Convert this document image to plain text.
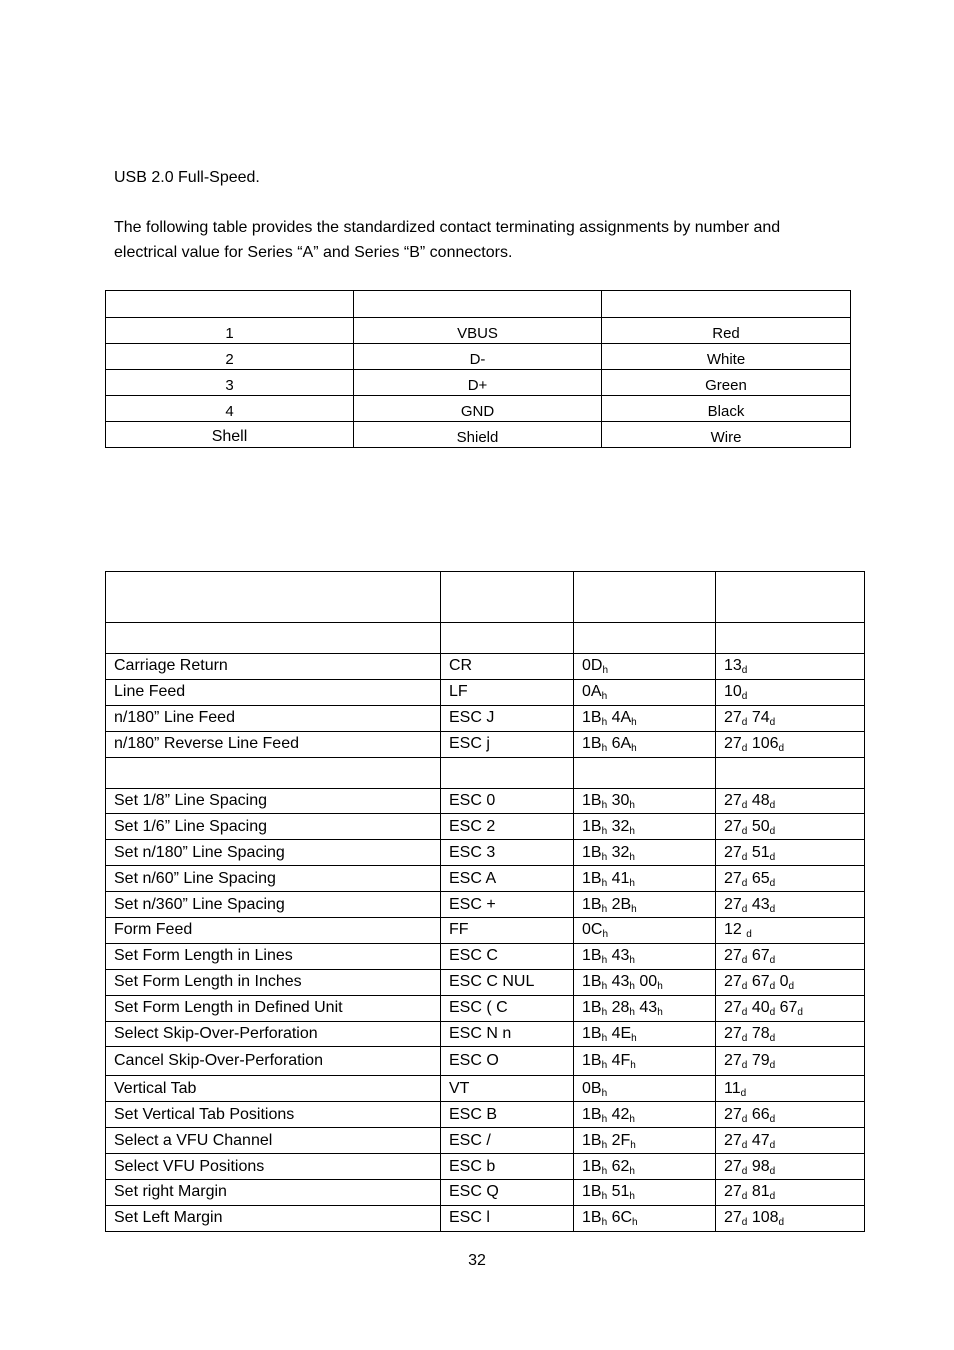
USB 2.0 Full-Speed.

The following table provides the standardized contact terminating assignments by number and electrical value for Series “A” and Series “B” connectors.

1	VBUS	Red
2	D-	White
3	D+	Green
4	GND	Black
Shell	Shield	Wire

Carriage Return	CR	$0D_h$	$13_d$
Line Feed	LF	$0A_h$	$10_d$
n/180” Line Feed	ESC J	$1B_h$ $4A_h$	$27_d$ $74_d$
n/180” Reverse Line Feed	ESC j	$1B_h$ $6A_h$	$27_d$ $106_d$

Set 1/8” Line Spacing	ESC 0	$1B_h$ $30_h$	$27_d$ $48_d$
Set 1/6” Line Spacing	ESC 2	$1B_h$ $32_h$	$27_d$ $50_d$
Set n/180” Line Spacing	ESC 3	$1B_h$ $32_h$	$27_d$ $51_d$
Set n/60” Line Spacing	ESC A	$1B_h$ $41_h$	$27_d$ $65_d$
Set n/360” Line Spacing	ESC +	$1B_h$ $2B_h$	$27_d$ $43_d$
Form Feed	FF	$0C_h$	12 $_d$
Set Form Length in Lines	ESC C	$1B_h$ $43_h$	$27_d$ $67_d$
Set Form Length in Inches	ESC C NUL	$1B_h$ $43_h$ $00_h$	$27_d$ $67_d$ $0_d$
Set Form Length in Defined Unit	ESC ( C	$1B_h$ $28_h$ $43_h$	$27_d$ $40_d$ $67_d$
Select Skip-Over-Perforation	ESC N n	$1B_h$ $4E_h$	$27_d$ $78_d$
Cancel Skip-Over-Perforation	ESC O	$1B_h$ $4F_h$	$27_d$ $79_d$
Vertical Tab	VT	$0B_h$	$11_d$
Set Vertical Tab Positions	ESC B	$1B_h$ $42_h$	$27_d$ $66_d$
Select a VFU Channel	ESC /	$1B_h$ $2F_h$	$27_d$ $47_d$
Select VFU Positions	ESC b	$1B_h$ $62_h$	$27_d$ $98_d$
Set right Margin	ESC Q	$1B_h$ $51_h$	$27_d$ $81_d$
Set Left Margin	ESC l	$1B_h$ $6C_h$	$27_d$ $108_d$
32
